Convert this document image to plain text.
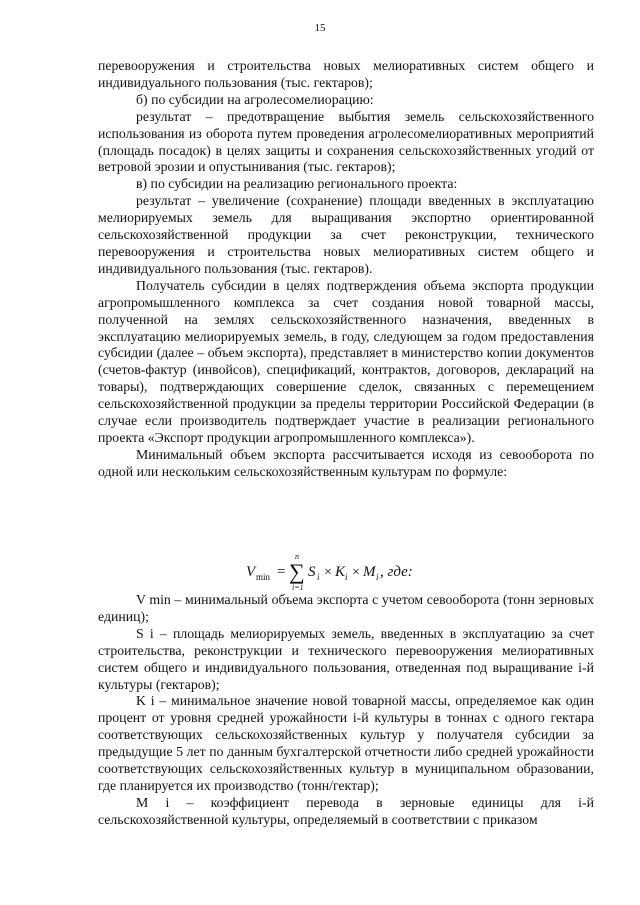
15

перевооружения и строительства новых мелиоративных систем общего и индивидуального пользования (тыс. гектаров);

б) по субсидии на агролесомелиорацию:

результат – предотвращение выбытия земель сельскохозяйственного использования из оборота путем проведения агролесомелиоративных мероприятий (площадь посадок) в целях защиты и сохранения сельскохозяйственных угодий от ветровой эрозии и опустынивания (тыс. гектаров);

в) по субсидии на реализацию регионального проекта:

результат – увеличение (сохранение) площади введенных в эксплуатацию мелиорируемых земель для выращивания экспортно ориентированной сельскохозяйственной продукции за счет реконструкции, технического перевооружения и строительства новых мелиоративных систем общего и индивидуального пользования (тыс. гектаров).

Получатель субсидии в целях подтверждения объема экспорта продукции агропромышленного комплекса за счет создания новой товарной массы, полученной на землях сельскохозяйственного назначения, введенных в эксплуатацию мелиорируемых земель, в году, следующем за годом предоставления субсидии (далее – объем экспорта), представляет в министерство копии документов (счетов-фактур (инвойсов), спецификаций, контрактов, договоров, деклараций на товары), подтверждающих совершение сделок, связанных с перемещением сельскохозяйственной продукции за пределы территории Российской Федерации (в случае если производитель подтверждает участие в реализации регионального проекта «Экспорт продукции агропромышленного комплекса»).

Минимальный объем экспорта рассчитывается исходя из севооборота по одной или нескольким сельскохозяйственным культурам по формуле:

V min = ∑
n
i=1
S i × K i × M i , где:

V min – минимальный объема экспорта с учетом севооборота (тонн зерновых единиц);

S i – площадь мелиорируемых земель, введенных в эксплуатацию за счет строительства, реконструкции и технического перевооружения мелиоративных систем общего и индивидуального пользования, отведенная под выращивание i-й культуры (гектаров);

K i – минимальное значение новой товарной массы, определяемое как один процент от уровня средней урожайности i-й культуры в тоннах с одного гектара соответствующих сельскохозяйственных культур у получателя субсидии за предыдущие 5 лет по данным бухгалтерской отчетности либо средней урожайности соответствующих сельскохозяйственных культур в муниципальном образовании, где планируется их производство (тонн/гектар);

M i – коэффициент перевода в зерновые единицы для i-й сельскохозяйственной культуры, определяемый в соответствии с приказом
